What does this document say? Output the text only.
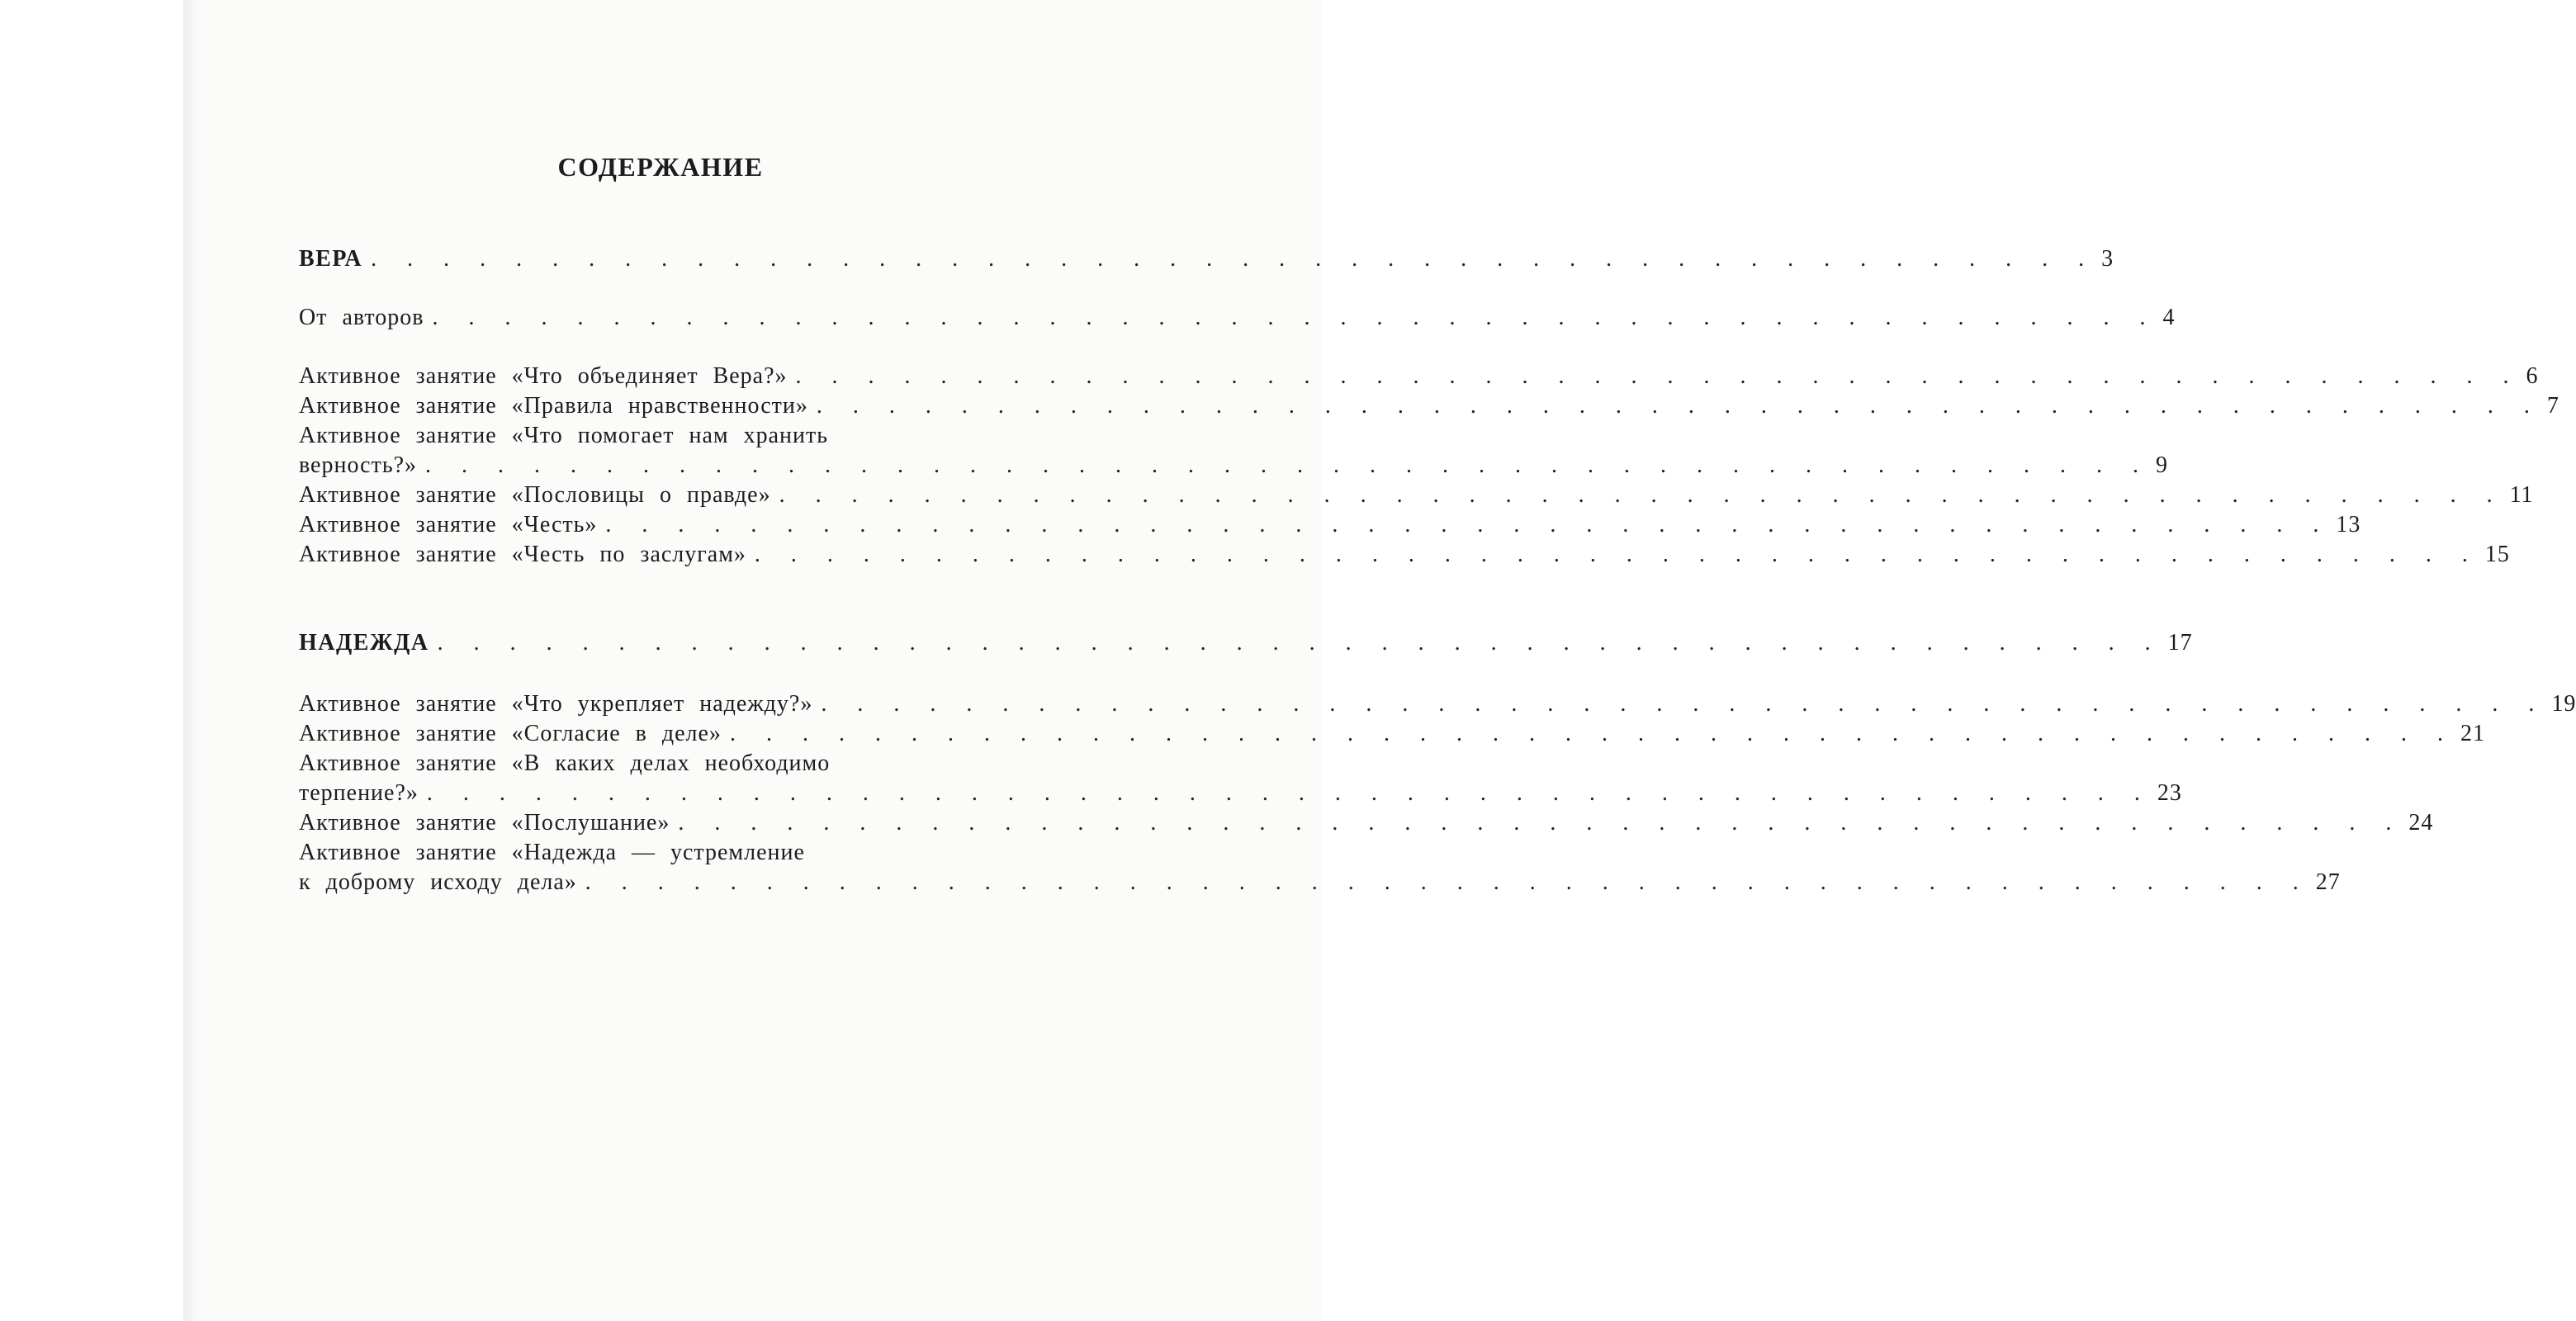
СОДЕРЖАНИЕ
ВЕРА . . . . . . . . . . . . . . . . . . . . . . . . . . . . . . . . . . . . . . . . . . . . . . . . 3
От авторов . . . . . . . . . . . . . . . . . . . . . . . . . . . . . . . . . . . . . . . . . . . . . . . . 4
Активное занятие «Что объединяет Вера?» . . . . . . . . . . . . . . . . . . . . . . . . . . . . . . . . . . . . . . . . . . . . . . . . 6
Активное занятие «Правила нравственности» . . . . . . . . . . . . . . . . . . . . . . . . . . . . . . . . . . . . . . . . . . . . . . . . 7
Активное занятие «Что помогает нам хранить
верность?» . . . . . . . . . . . . . . . . . . . . . . . . . . . . . . . . . . . . . . . . . . . . . . . . 9
Активное занятие «Пословицы о правде» . . . . . . . . . . . . . . . . . . . . . . . . . . . . . . . . . . . . . . . . . . . . . . . . 11
Активное занятие «Честь» . . . . . . . . . . . . . . . . . . . . . . . . . . . . . . . . . . . . . . . . . . . . . . . . 13
Активное занятие «Честь по заслугам» . . . . . . . . . . . . . . . . . . . . . . . . . . . . . . . . . . . . . . . . . . . . . . . . 15
НАДЕЖДА . . . . . . . . . . . . . . . . . . . . . . . . . . . . . . . . . . . . . . . . . . . . . . . . 17
Активное занятие «Что укрепляет надежду?» . . . . . . . . . . . . . . . . . . . . . . . . . . . . . . . . . . . . . . . . . . . . . . . . 19
Активное занятие «Согласие в деле» . . . . . . . . . . . . . . . . . . . . . . . . . . . . . . . . . . . . . . . . . . . . . . . . 21
Активное занятие «В каких делах необходимо
терпение?» . . . . . . . . . . . . . . . . . . . . . . . . . . . . . . . . . . . . . . . . . . . . . . . . 23
Активное занятие «Послушание» . . . . . . . . . . . . . . . . . . . . . . . . . . . . . . . . . . . . . . . . . . . . . . . . 24
Активное занятие «Надежда — устремление
к доброму исходу дела» . . . . . . . . . . . . . . . . . . . . . . . . . . . . . . . . . . . . . . . . . . . . . . . . 27
